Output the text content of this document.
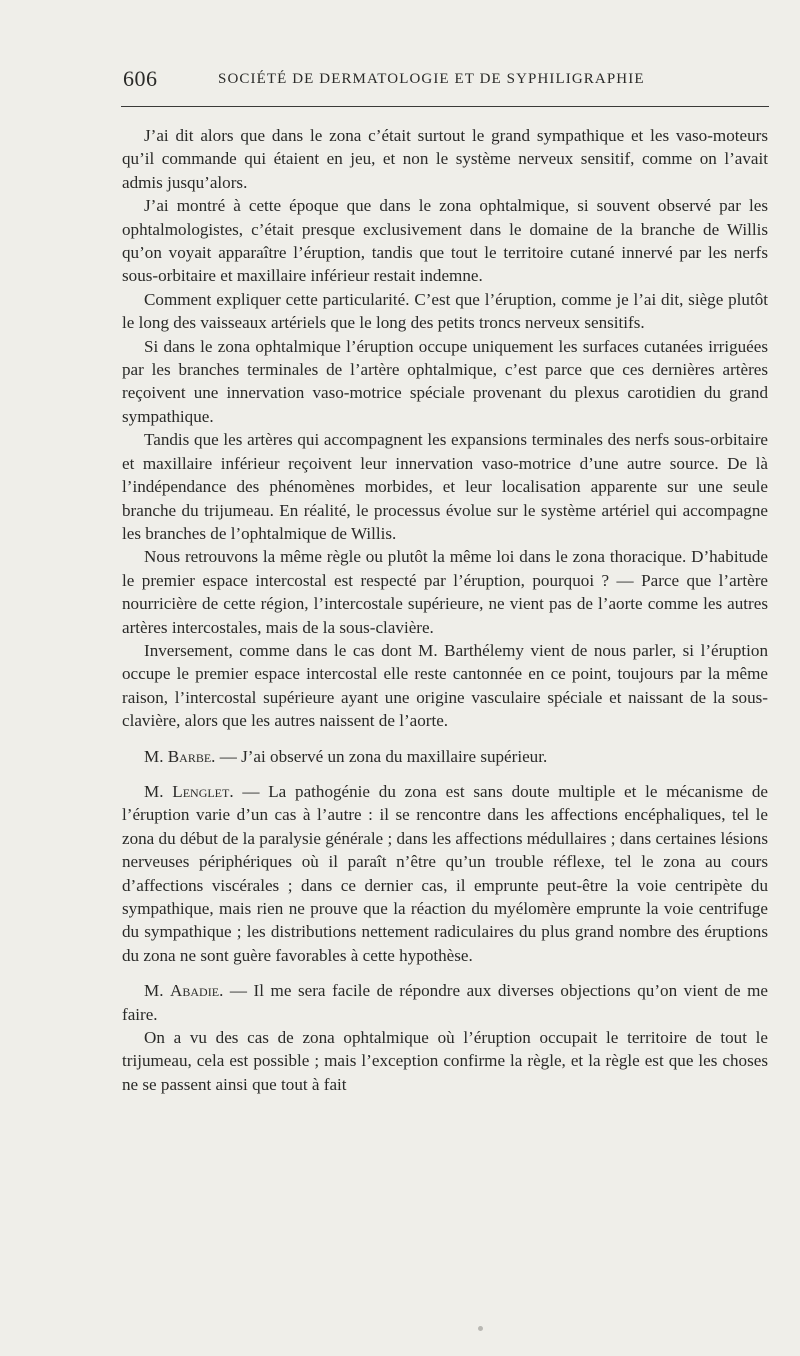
606	SOCIÉTÉ DE DERMATOLOGIE ET DE SYPHILIGRAPHIE

J’ai dit alors que dans le zona c’était surtout le grand sympathique et les vaso-moteurs qu’il commande qui étaient en jeu, et non le système nerveux sensitif, comme on l’avait admis jusqu’alors.

J’ai montré à cette époque que dans le zona ophtalmique, si souvent observé par les ophtalmologistes, c’était presque exclusivement dans le domaine de la branche de Willis qu’on voyait apparaître l’éruption, tandis que tout le territoire cutané innervé par les nerfs sous-orbitaire et maxillaire inférieur restait indemne.

Comment expliquer cette particularité. C’est que l’éruption, comme je l’ai dit, siège plutôt le long des vaisseaux artériels que le long des petits troncs nerveux sensitifs.

Si dans le zona ophtalmique l’éruption occupe uniquement les surfaces cutanées irriguées par les branches terminales de l’artère ophtalmique, c’est parce que ces dernières artères reçoivent une innervation vaso-motrice spéciale provenant du plexus carotidien du grand sympathique.

Tandis que les artères qui accompagnent les expansions terminales des nerfs sous-orbitaire et maxillaire inférieur reçoivent leur innervation vaso-motrice d’une autre source. De là l’indépendance des phénomènes morbides, et leur localisation apparente sur une seule branche du trijumeau. En réalité, le processus évolue sur le système artériel qui accompagne les branches de l’ophtalmique de Willis.

Nous retrouvons la même règle ou plutôt la même loi dans le zona thoracique. D’habitude le premier espace intercostal est respecté par l’éruption, pourquoi ? — Parce que l’artère nourricière de cette région, l’intercostale supérieure, ne vient pas de l’aorte comme les autres artères intercostales, mais de la sous-clavière.

Inversement, comme dans le cas dont M. Barthélemy vient de nous parler, si l’éruption occupe le premier espace intercostal elle reste cantonnée en ce point, toujours par la même raison, l’intercostal supérieure ayant une origine vasculaire spéciale et naissant de la sous-clavière, alors que les autres naissent de l’aorte.

M. Barbe. — J’ai observé un zona du maxillaire supérieur.

M. Lenglet. — La pathogénie du zona est sans doute multiple et le mécanisme de l’éruption varie d’un cas à l’autre : il se rencontre dans les affections encéphaliques, tel le zona du début de la paralysie générale ; dans les affections médullaires ; dans certaines lésions nerveuses périphériques où il paraît n’être qu’un trouble réflexe, tel le zona au cours d’affections viscérales ; dans ce dernier cas, il emprunte peut-être la voie centripète du sympathique, mais rien ne prouve que la réaction du myélomère emprunte la voie centrifuge du sympathique ; les distributions nettement radiculaires du plus grand nombre des éruptions du zona ne sont guère favorables à cette hypothèse.

M. Abadie. — Il me sera facile de répondre aux diverses objections qu’on vient de me faire.

On a vu des cas de zona ophtalmique où l’éruption occupait le territoire de tout le trijumeau, cela est possible ; mais l’exception confirme la règle, et la règle est que les choses ne se passent ainsi que tout à fait
